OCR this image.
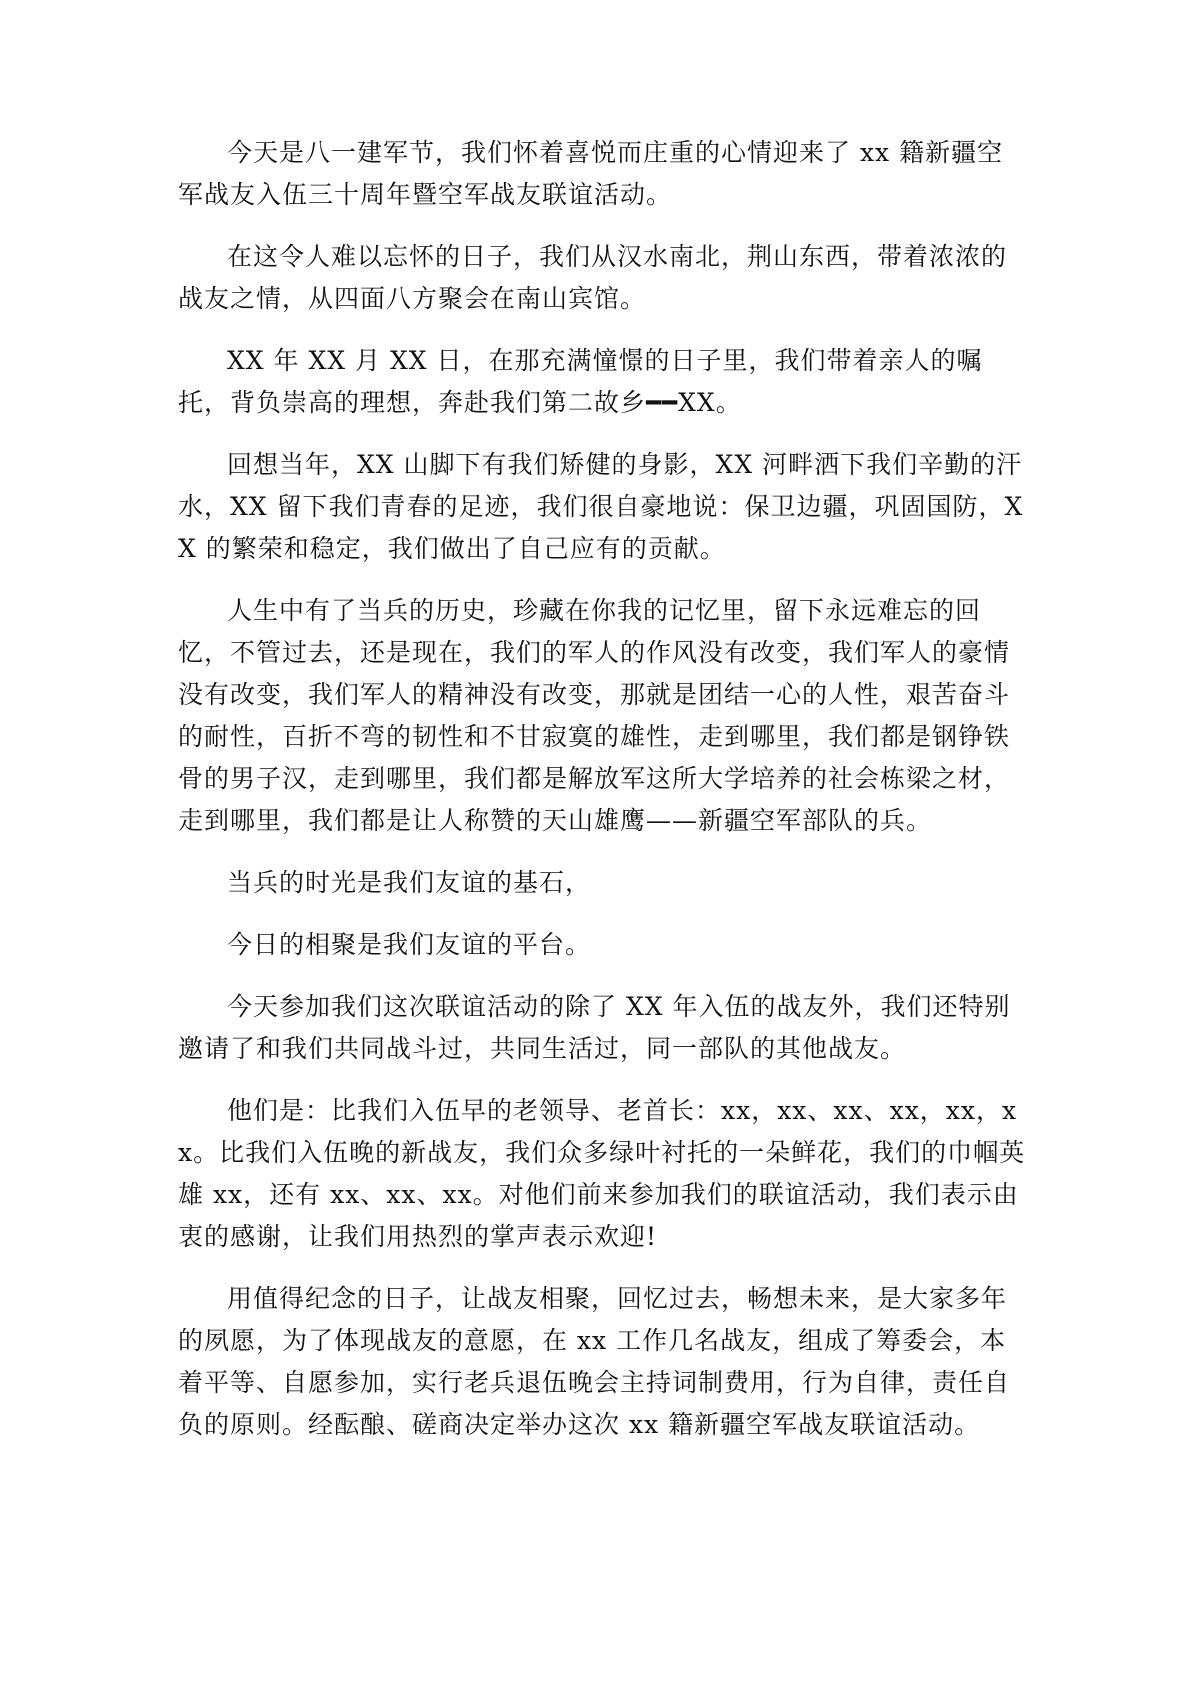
今天是八一建军节，我们怀着喜悦而庄重的心情迎来了 xx 籍新疆空军战友入伍三十周年暨空军战友联谊活动。

在这令人难以忘怀的日子，我们从汉水南北，荆山东西，带着浓浓的战友之情，从四面八方聚会在南山宾馆。

XX 年 XX 月 XX 日，在那充满憧憬的日子里，我们带着亲人的嘱托，背负崇高的理想，奔赴我们第二故乡━━XX。

回想当年，XX 山脚下有我们矫健的身影，XX 河畔洒下我们辛勤的汗水，XX 留下我们青春的足迹，我们很自豪地说：保卫边疆，巩固国防，XX 的繁荣和稳定，我们做出了自己应有的贡献。

人生中有了当兵的历史，珍藏在你我的记忆里，留下永远难忘的回忆，不管过去，还是现在，我们的军人的作风没有改变，我们军人的豪情没有改变，我们军人的精神没有改变，那就是团结一心的人性，艰苦奋斗的耐性，百折不弯的韧性和不甘寂寞的雄性，走到哪里，我们都是钢铮铁骨的男子汉，走到哪里，我们都是解放军这所大学培养的社会栋梁之材，走到哪里，我们都是让人称赞的天山雄鹰——新疆空军部队的兵。

当兵的时光是我们友谊的基石，

今日的相聚是我们友谊的平台。

今天参加我们这次联谊活动的除了 XX 年入伍的战友外，我们还特别邀请了和我们共同战斗过，共同生活过，同一部队的其他战友。

他们是：比我们入伍早的老领导、老首长：xx，xx、xx、xx，xx，xx。比我们入伍晚的新战友，我们众多绿叶衬托的一朵鲜花，我们的巾帼英雄 xx，还有 xx、xx、xx。对他们前来参加我们的联谊活动，我们表示由衷的感谢，让我们用热烈的掌声表示欢迎!

用值得纪念的日子，让战友相聚，回忆过去，畅想未来，是大家多年的夙愿，为了体现战友的意愿，在 xx 工作几名战友，组成了筹委会，本着平等、自愿参加，实行老兵退伍晚会主持词制费用，行为自律，责任自负的原则。经酝酿、磋商决定举办这次 xx 籍新疆空军战友联谊活动。
